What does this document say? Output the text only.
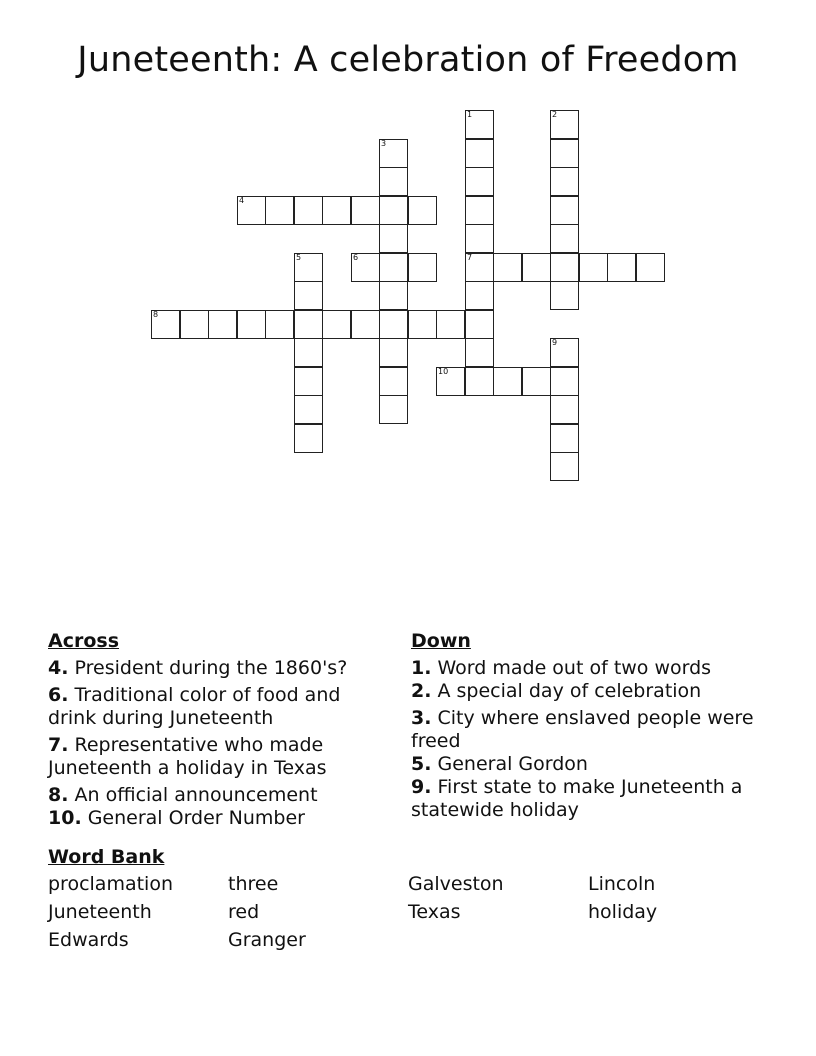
Juneteenth: A celebration of Freedom
1
7
2
3
4
5	6
8
9
10
Across
4. President during the 1860's?
6. Traditional color of food and drink during Juneteenth
7. Representative who made Juneteenth a holiday in Texas
8. An official announcement
10. General Order Number
Down
1. Word made out of two words
2. A special day of celebration
3. City where enslaved people were freed
5. General Gordon
9. First state to make Juneteenth a statewide holiday
Word Bank
proclamation	three	Galveston	Lincoln
Juneteenth	red	Texas	holiday
Edwards	Granger
